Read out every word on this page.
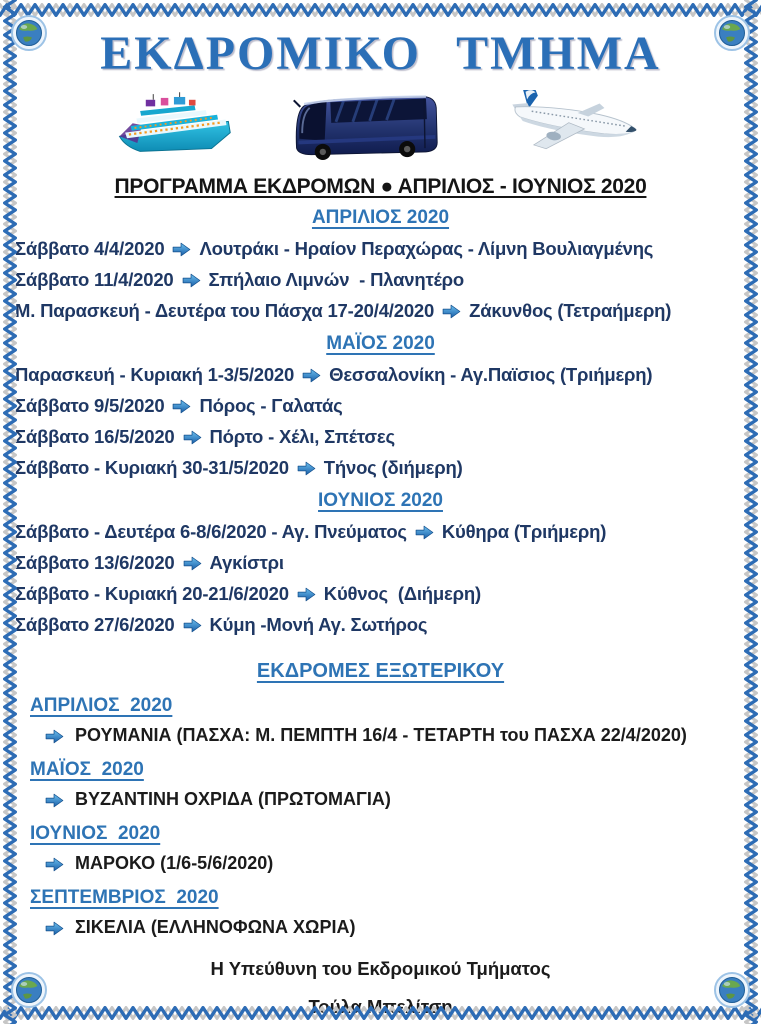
ΕΚΔΡΟΜΙΚΟ ΤΜΗΜΑ
ΠΡΟΓΡΑΜΜΑ ΕΚΔΡΟΜΩΝ ● ΑΠΡΙΛΙΟΣ - ΙΟΥΝΙΟΣ 2020
ΑΠΡΙΛΙΟΣ 2020
Σάββατο 4/4/2020 Λουτράκι - Ηραίον Περαχώρας - Λίμνη Βουλιαγμένης
Σάββατο 11/4/2020 Σπήλαιο Λιμνών  - Πλανητέρο
Μ. Παρασκευή - Δευτέρα του Πάσχα 17-20/4/2020 Ζάκυνθος (Τετραήμερη)
ΜΑΪΟΣ 2020
Παρασκευή - Κυριακή 1-3/5/2020 Θεσσαλονίκη - Αγ.Παϊσιος (Τριήμερη)
Σάββατο 9/5/2020 Πόρος - Γαλατάς
Σάββατο 16/5/2020 Πόρτο - Χέλι, Σπέτσες
Σάββατο - Κυριακή 30-31/5/2020 Τήνος (διήμερη)
ΙΟΥΝΙΟΣ 2020
Σάββατο - Δευτέρα 6-8/6/2020 - Αγ. Πνεύματος Κύθηρα (Τριήμερη)
Σάββατο 13/6/2020 Αγκίστρι
Σάββατο - Κυριακή 20-21/6/2020 Κύθνος  (Διήμερη)
Σάββατο 27/6/2020 Κύμη -Μονή Αγ. Σωτήρος
ΕΚΔΡΟΜΕΣ ΕΞΩΤΕΡΙΚΟΥ
ΑΠΡΙΛΙΟΣ  2020
ΡΟΥΜΑΝΙΑ (ΠΑΣΧΑ: Μ. ΠΕΜΠΤΗ 16/4 - ΤΕΤΑΡΤΗ του ΠΑΣΧΑ 22/4/2020)
ΜΑΪΟΣ  2020
ΒΥΖΑΝΤΙΝΗ ΟΧΡΙΔΑ (ΠΡΩΤΟΜΑΓΙΑ)
ΙΟΥΝΙΟΣ  2020
ΜΑΡΟΚΟ (1/6-5/6/2020)
ΣΕΠΤΕΜΒΡΙΟΣ  2020
ΣΙΚΕΛΙΑ (ΕΛΛΗΝΟΦΩΝΑ ΧΩΡΙΑ)
Η Υπεύθυνη του Εκδρομικού Τμήματος
Τούλα Μπελίτση
